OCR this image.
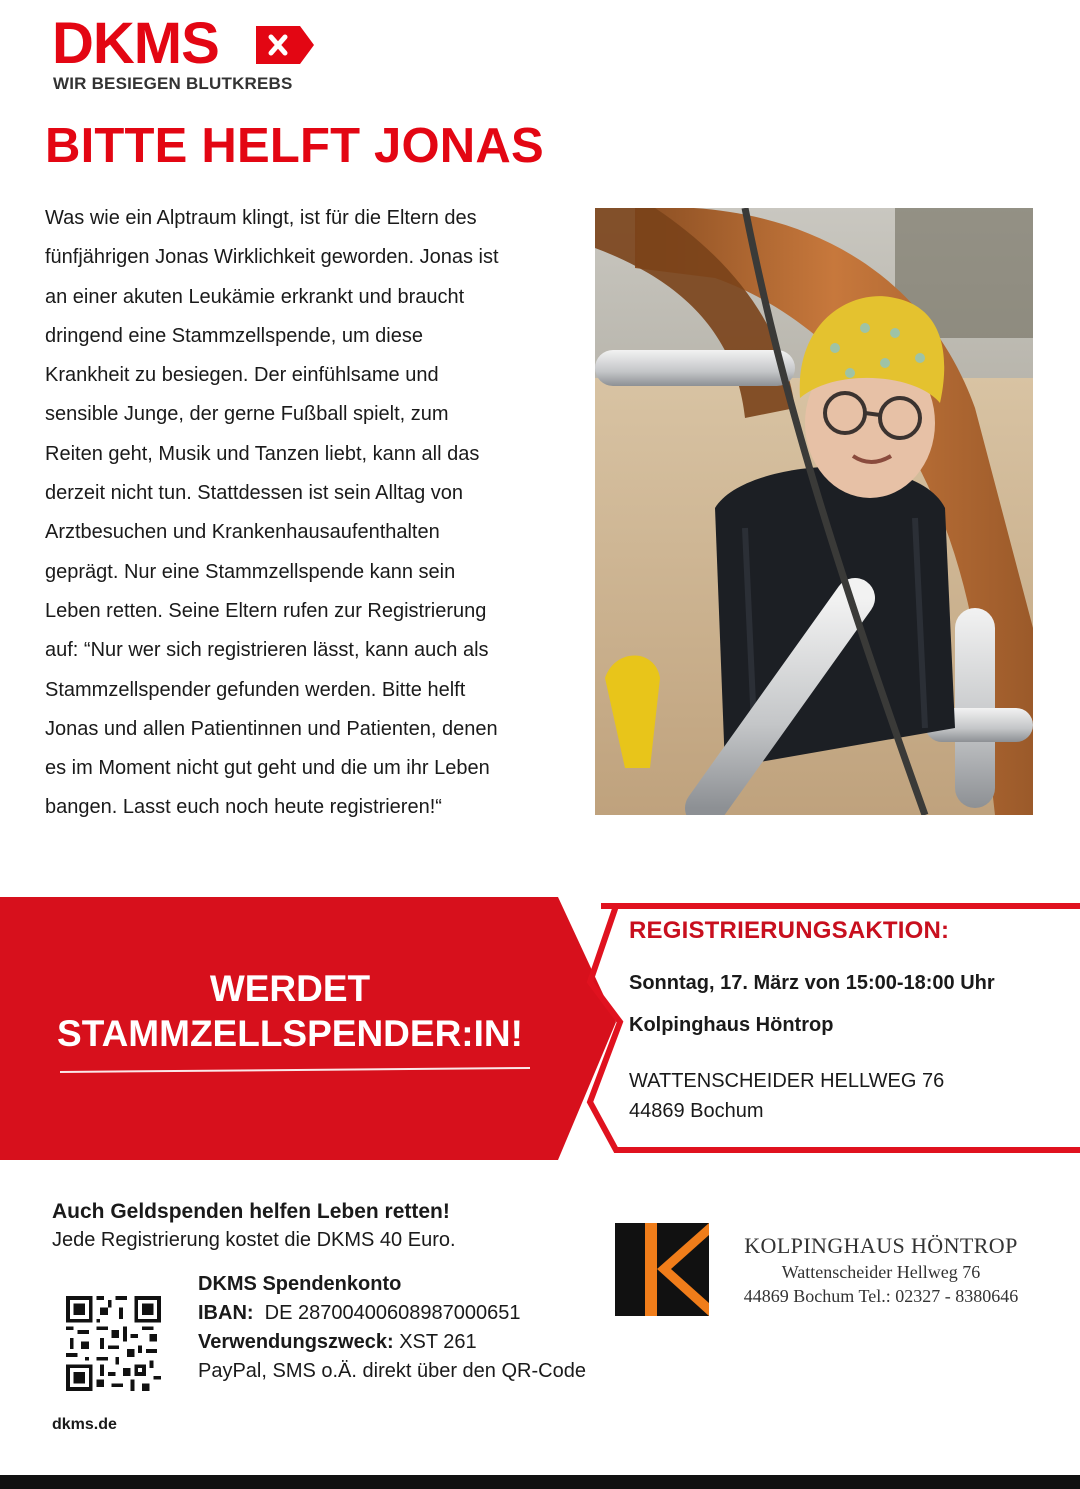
DKMS
WIR BESIEGEN BLUTKREBS
BITTE HELFT JONAS

Was wie ein Alptraum klingt, ist für die Eltern des

fünfjährigen Jonas Wirklichkeit geworden. Jonas ist

an einer akuten Leukämie erkrankt und braucht

dringend eine Stammzellspende, um diese

Krankheit zu besiegen. Der einfühlsame und

sensible Junge, der gerne Fußball spielt, zum

Reiten geht, Musik und Tanzen liebt, kann all das

derzeit nicht tun. Stattdessen ist sein Alltag von

Arztbesuchen und Krankenhausaufenthalten

geprägt. Nur eine Stammzellspende kann sein

Leben retten. Seine Eltern rufen zur Registrierung

auf: “Nur wer sich registrieren lässt, kann auch als

Stammzellspender gefunden werden. Bitte helft

Jonas und allen Patientinnen und Patienten, denen

es im Moment nicht gut geht und die um ihr Leben

bangen. Lasst euch noch heute registrieren!“

WERDET
STAMMZELLSPENDER:IN!
REGISTRIERUNGSAKTION:
Sonntag, 17. März von 15:00-18:00 Uhr
Kolpinghaus Höntrop
WATTENSCHEIDER HELLWEG 76
44869 Bochum
Auch Geldspenden helfen Leben retten!
Jede Registrierung kostet die DKMS 40 Euro.
DKMS Spendenkonto
IBAN: DE 28700400608987000651
Verwendungszweck: XST 261
PayPal, SMS o.Ä. direkt über den QR-Code
dkms.de
KOLPINGHAUS HÖNTROP
Wattenscheider Hellweg 76
44869 Bochum Tel.: 02327 - 8380646
